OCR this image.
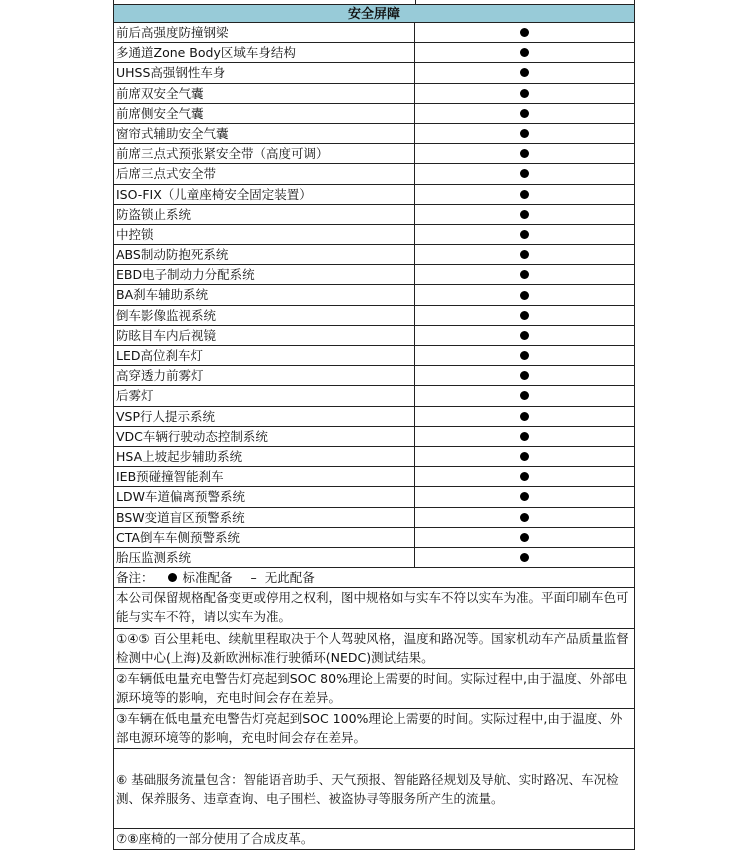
安全屏障
前后高强度防撞钢梁
多通道Zone Body区域车身结构
UHSS高强钢性车身
前席双安全气囊
前席侧安全气囊
窗帘式辅助安全气囊
前席三点式预张紧安全带（高度可调）
后席三点式安全带
ISO-FIX（儿童座椅安全固定装置）
防盗锁止系统
中控锁
ABS制动防抱死系统
EBD电子制动力分配系统
BA刹车辅助系统
倒车影像监视系统
防眩目车内后视镜
LED高位刹车灯
高穿透力前雾灯
后雾灯
VSP行人提示系统
VDC车辆行驶动态控制系统
HSA上坡起步辅助系统
IEB预碰撞智能刹车
LDW车道偏离预警系统
BSW变道盲区预警系统
CTA倒车车侧预警系统
胎压监测系统
备注： 标准配备 – 无此配备
本公司保留规格配备变更或停用之权利，图中规格如与实车不符以实车为准。平面印刷车色可能与实车不符，请以实车为准。
①④⑤ 百公里耗电、续航里程取决于个人驾驶风格，温度和路况等。国家机动车产品质量监督检测中心(上海)及新欧洲标准行驶循环(NEDC)测试结果。
②车辆低电量充电警告灯亮起到SOC 80%理论上需要的时间。实际过程中,由于温度、外部电源环境等的影响，充电时间会存在差异。
③车辆在低电量充电警告灯亮起到SOC 100%理论上需要的时间。实际过程中,由于温度、外部电源环境等的影响，充电时间会存在差异。
⑥ 基础服务流量包含：智能语音助手、天气预报、智能路径规划及导航、实时路况、车况检测、保养服务、违章查询、电子围栏、被盗协寻等服务所产生的流量。
⑦⑧座椅的一部分使用了合成皮革。
